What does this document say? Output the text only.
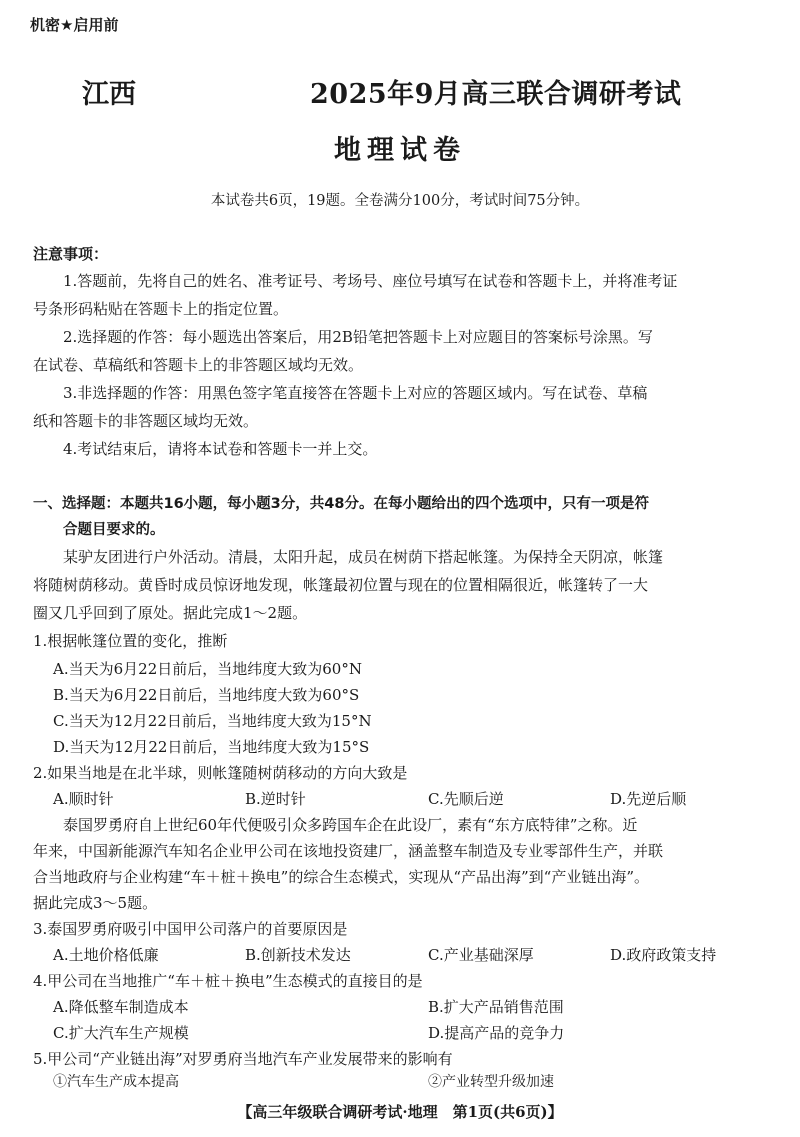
机密★启用前
江西	2025年9月高三联合调研考试
地理试卷
本试卷共6页，19题。全卷满分100分，考试时间75分钟。
注意事项：
1.答题前，先将自己的姓名、准考证号、考场号、座位号填写在试卷和答题卡上，并将准考证
号条形码粘贴在答题卡上的指定位置。
2.选择题的作答：每小题选出答案后，用2B铅笔把答题卡上对应题目的答案标号涂黑。写
在试卷、草稿纸和答题卡上的非答题区域均无效。
3.非选择题的作答：用黑色签字笔直接答在答题卡上对应的答题区域内。写在试卷、草稿
纸和答题卡的非答题区域均无效。
4.考试结束后，请将本试卷和答题卡一并上交。
一、选择题：本题共16小题，每小题3分，共48分。在每小题给出的四个选项中，只有一项是符
合题目要求的。
某驴友团进行户外活动。清晨，太阳升起，成员在树荫下搭起帐篷。为保持全天阴凉，帐篷
将随树荫移动。黄昏时成员惊讶地发现，帐篷最初位置与现在的位置相隔很近，帐篷转了一大
圈又几乎回到了原处。据此完成1～2题。
1.根据帐篷位置的变化，推断
A.当天为6月22日前后，当地纬度大致为60°N
B.当天为6月22日前后，当地纬度大致为60°S
C.当天为12月22日前后，当地纬度大致为15°N
D.当天为12月22日前后，当地纬度大致为15°S
2.如果当地是在北半球，则帐篷随树荫移动的方向大致是
A.顺时针	B.逆时针	C.先顺后逆	D.先逆后顺
泰国罗勇府自上世纪60年代便吸引众多跨国车企在此设厂，素有“东方底特律”之称。近
年来，中国新能源汽车知名企业甲公司在该地投资建厂，涵盖整车制造及专业零部件生产，并联
合当地政府与企业构建“车＋桩＋换电”的综合生态模式，实现从“产品出海”到“产业链出海”。
据此完成3～5题。
3.泰国罗勇府吸引中国甲公司落户的首要原因是
A.土地价格低廉	B.创新技术发达	C.产业基础深厚	D.政府政策支持
4.甲公司在当地推广“车＋桩＋换电”生态模式的直接目的是
A.降低整车制造成本	B.扩大产品销售范围
C.扩大汽车生产规模	D.提高产品的竞争力
5.甲公司“产业链出海”对罗勇府当地汽车产业发展带来的影响有
①汽车生产成本提高	②产业转型升级加速
【高三年级联合调研考试·地理　第1页(共6页)】
